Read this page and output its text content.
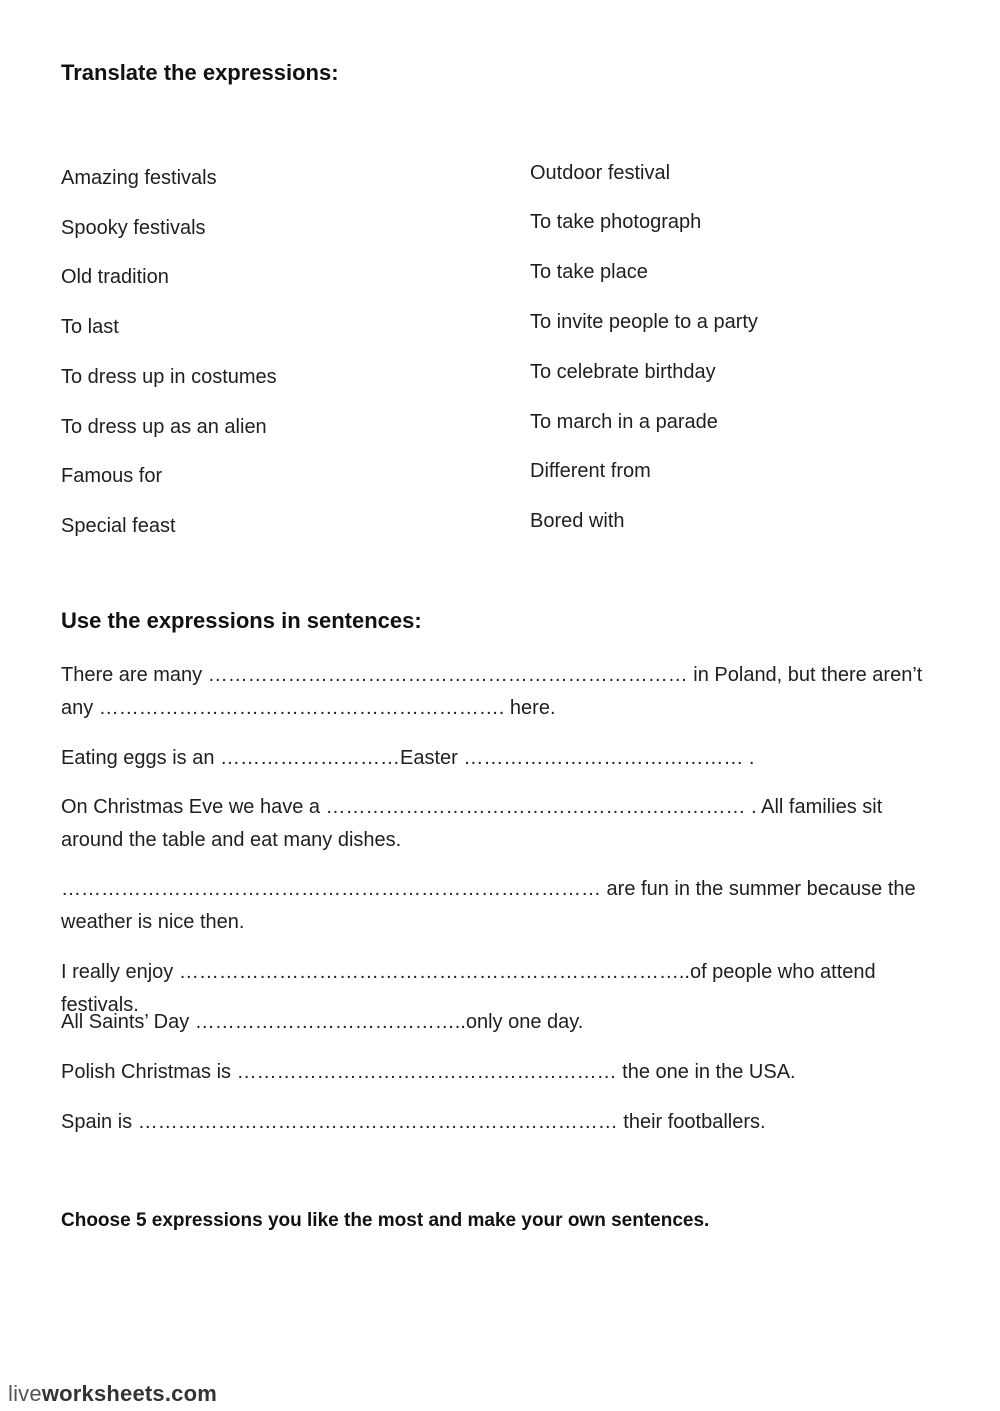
Translate the expressions:
Amazing festivals
Spooky festivals
Old tradition
To last
To dress up in costumes
To dress up as an alien
Famous for
Special feast
Outdoor festival
To take photograph
To take place
To invite people to a party
To celebrate birthday
To march in a parade
Different from
Bored with
Use the expressions in sentences:

There are many ……………………………………………………………… in Poland, but there aren’t any ……………………………………………………. here.

Eating eggs is an ………………………Easter …………………………………… .

On Christmas Eve we have a ……………………………………………………… . All families sit around the table and eat many dishes.

……………………………………………………………………… are fun in the summer because the weather is nice then.

I really enjoy …………………………………………………………………..of people who attend festivals.

All Saints’ Day …………………………………..only one day.

Polish Christmas is ………………………………………………… the one in the USA.

Spain is ……………………………………………………………… their footballers.

Choose 5 expressions you like the most and make your own sentences.
liveworksheets.com
